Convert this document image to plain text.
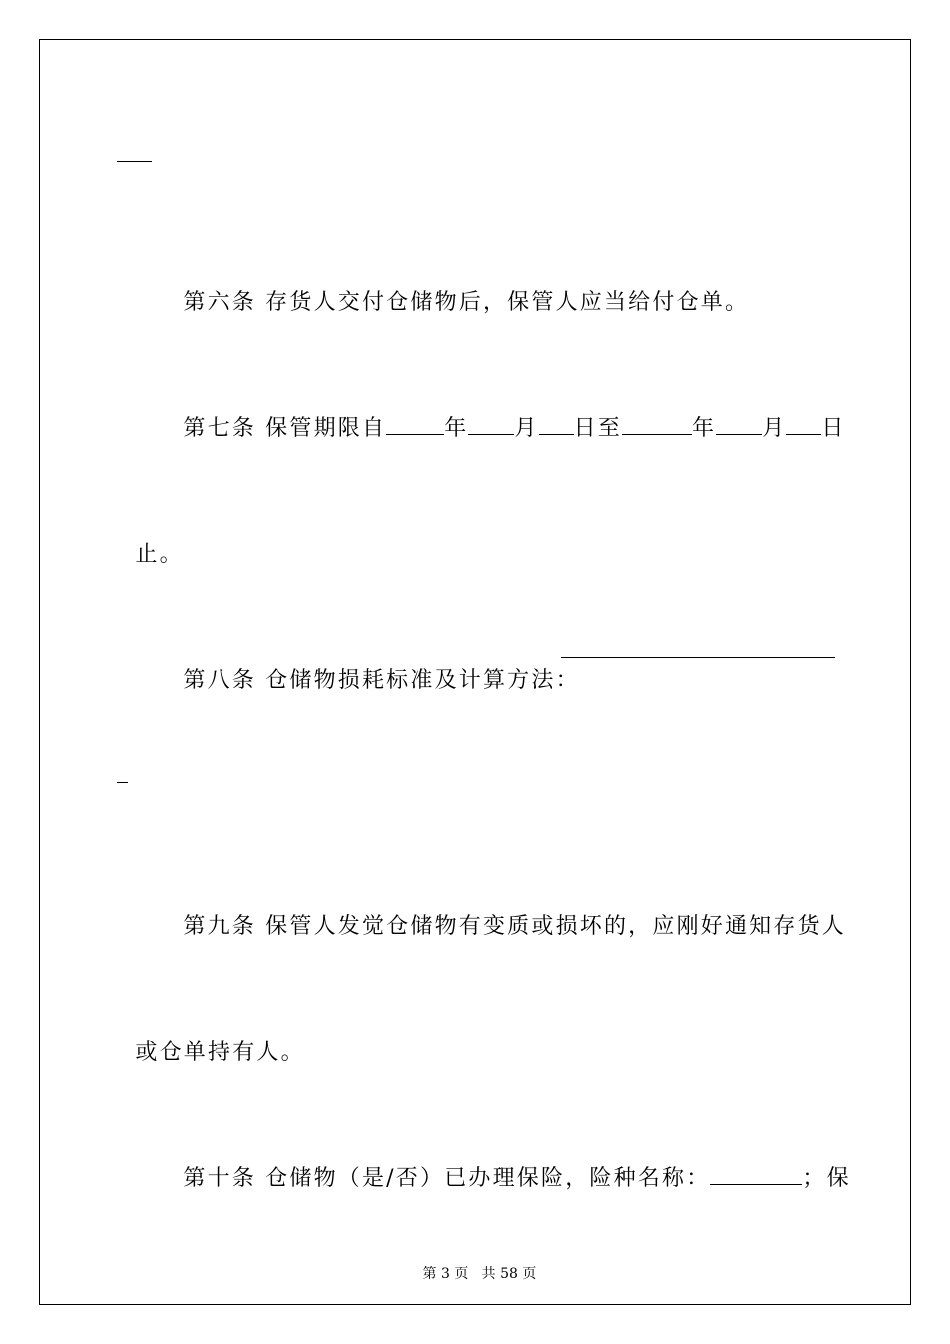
第六条 存货人交付仓储物后，保管人应当给付仓单。

第七条 保管期限自	年 月 日至	年 月 日

止。

第八条 仓储物损耗标准及计算方法：

第九条 保管人发觉仓储物有变质或损坏的，应刚好通知存货人

或仓单持有人。

第十条 仓储物（是/否）已办理保险，险种名称：	；保

第 3 页   共 58 页
